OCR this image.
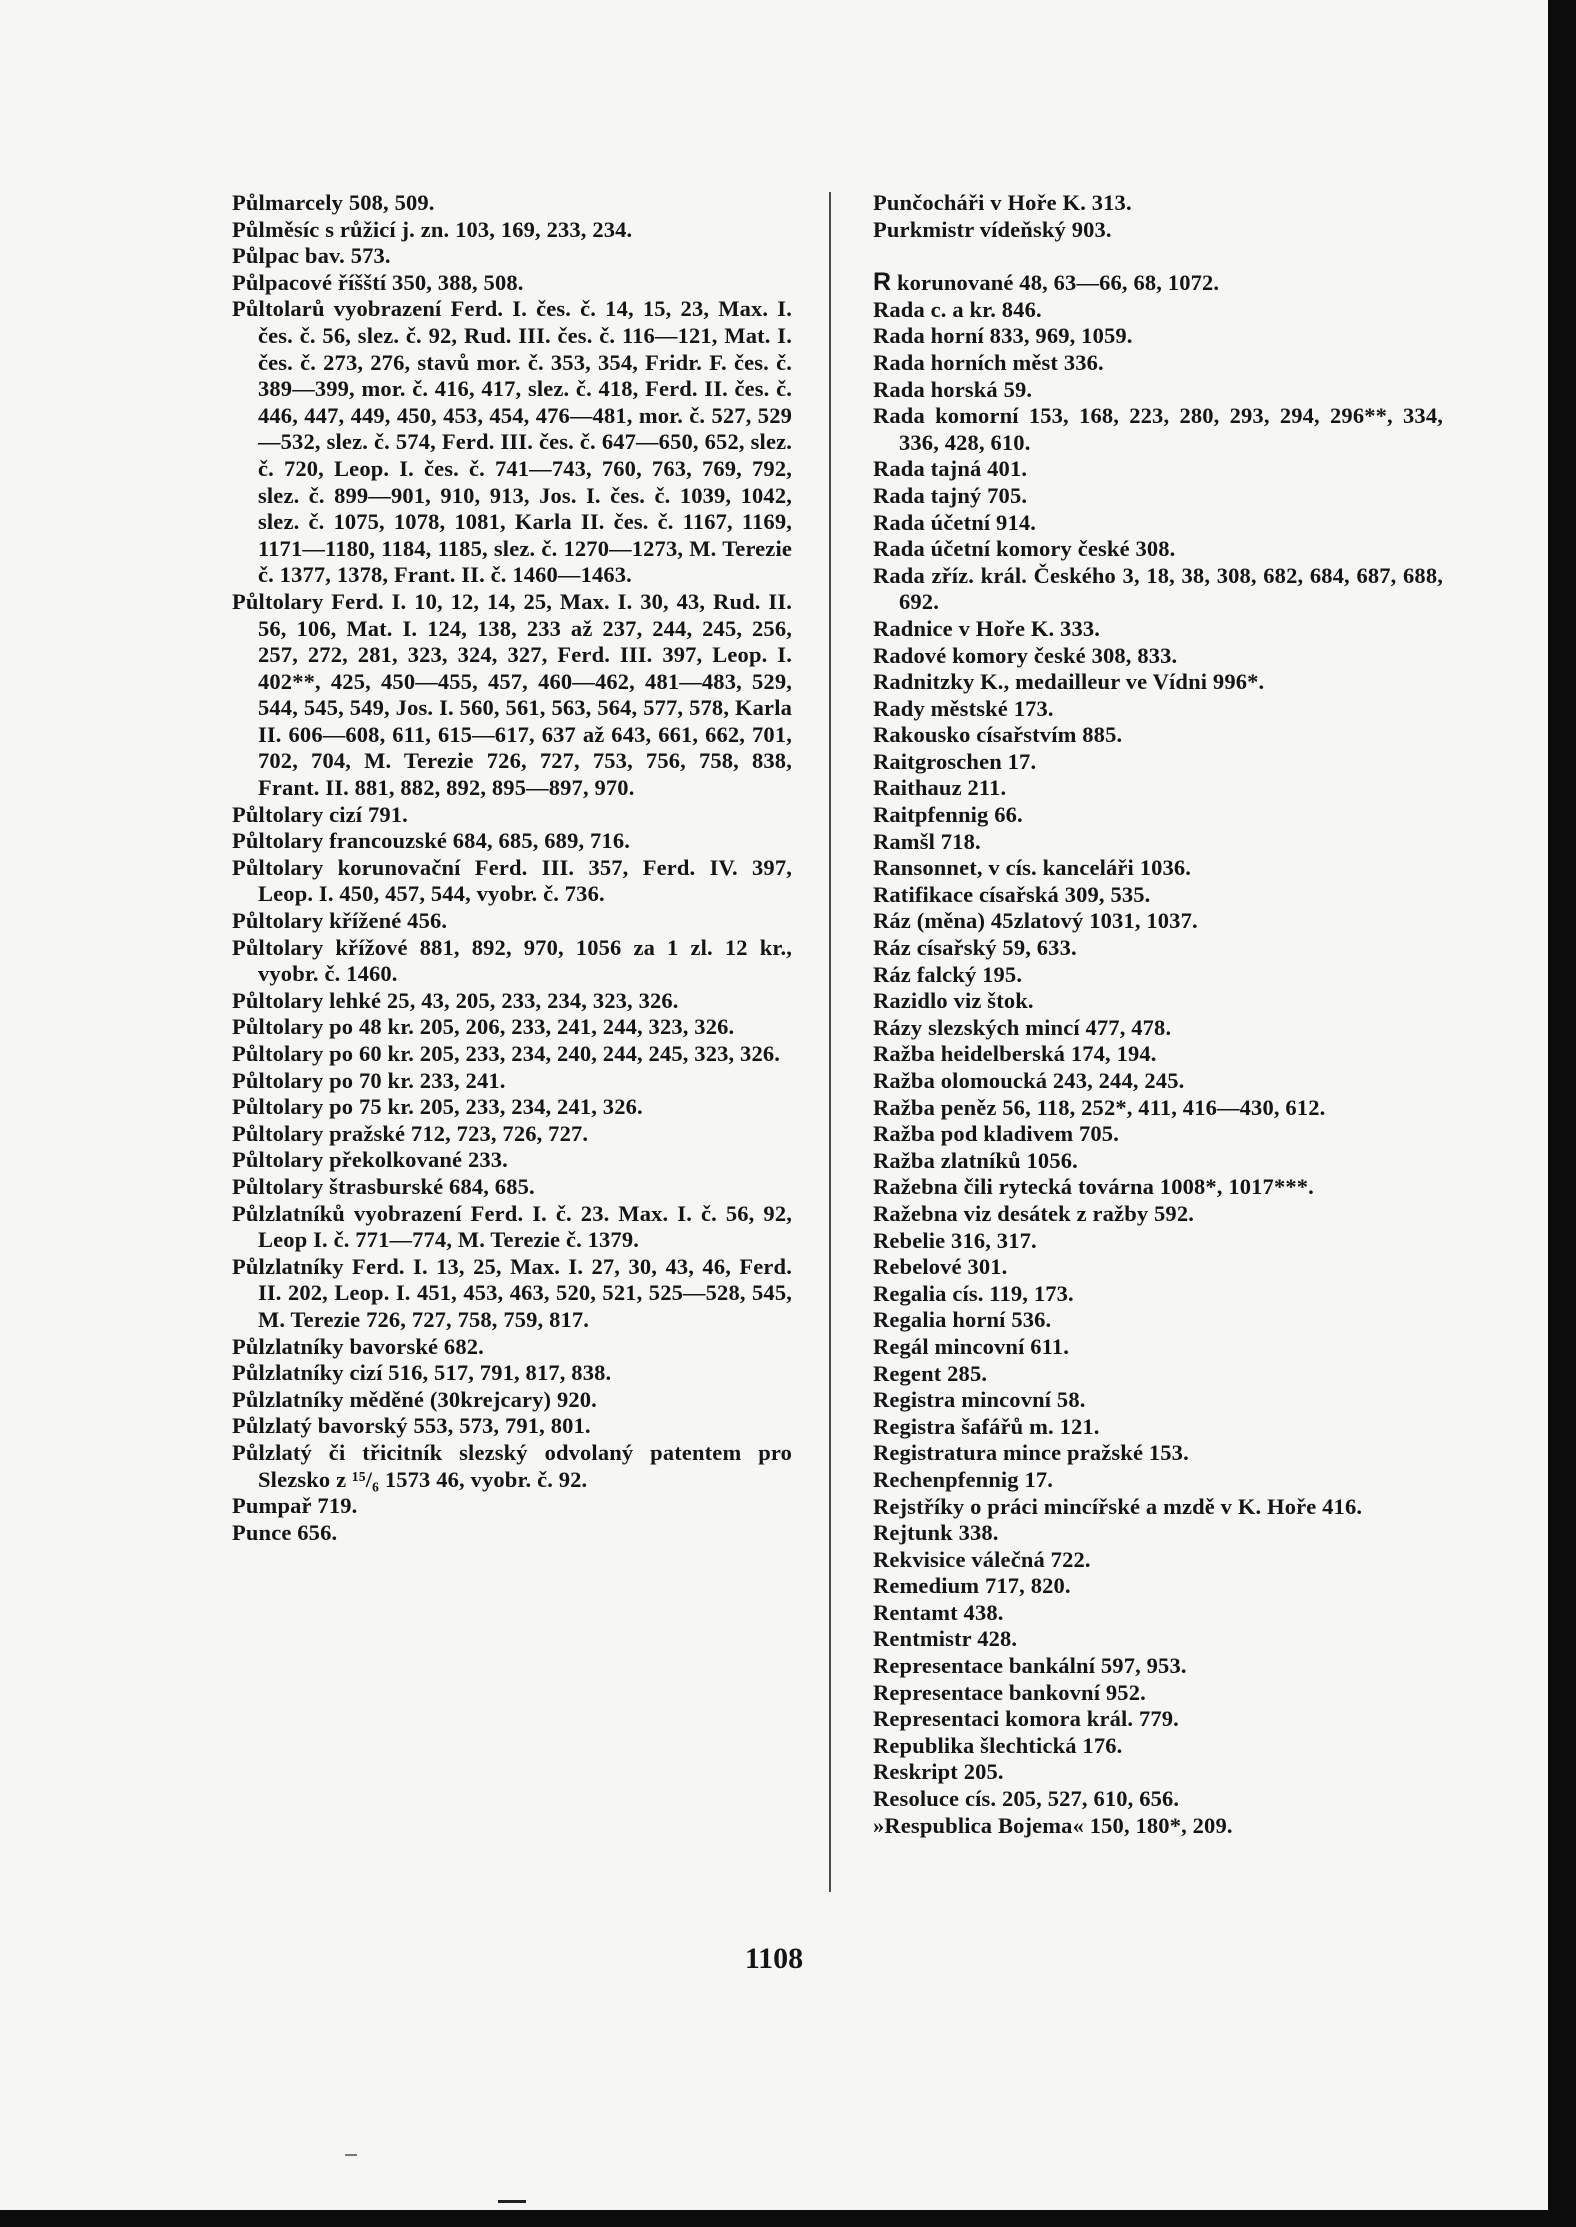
Půlmarcely 508, 509.

Půlměsíc s růžicí j. zn. 103, 169, 233, 234.

Půlpac bav. 573.

Půlpacové říšští 350, 388, 508.

Půltolarů vyobrazení Ferd. I. čes. č. 14, 15, 23, Max. I. čes. č. 56, slez. č. 92, Rud. III. čes. č. 116—121, Mat. I. čes. č. 273, 276, stavů mor. č. 353, 354, Fridr. F. čes. č. 389—399, mor. č. 416, 417, slez. č. 418, Ferd. II. čes. č. 446, 447, 449, 450, 453, 454, 476—481, mor. č. 527, 529—532, slez. č. 574, Ferd. III. čes. č. 647—650, 652, slez. č. 720, Leop. I. čes. č. 741—743, 760, 763, 769, 792, slez. č. 899—901, 910, 913, Jos. I. čes. č. 1039, 1042, slez. č. 1075, 1078, 1081, Karla II. čes. č. 1167, 1169, 1171—1180, 1184, 1185, slez. č. 1270—1273, M. Terezie č. 1377, 1378, Frant. II. č. 1460—1463.

Půltolary Ferd. I. 10, 12, 14, 25, Max. I. 30, 43, Rud. II. 56, 106, Mat. I. 124, 138, 233 až 237, 244, 245, 256, 257, 272, 281, 323, 324, 327, Ferd. III. 397, Leop. I. 402**, 425, 450—455, 457, 460—462, 481—483, 529, 544, 545, 549, Jos. I. 560, 561, 563, 564, 577, 578, Karla II. 606—608, 611, 615—617, 637 až 643, 661, 662, 701, 702, 704, M. Terezie 726, 727, 753, 756, 758, 838, Frant. II. 881, 882, 892, 895—897, 970.

Půltolary cizí 791.

Půltolary francouzské 684, 685, 689, 716.

Půltolary korunovační Ferd. III. 357, Ferd. IV. 397, Leop. I. 450, 457, 544, vyobr. č. 736.

Půltolary křížené 456.

Půltolary křížové 881, 892, 970, 1056 za 1 zl. 12 kr., vyobr. č. 1460.

Půltolary lehké 25, 43, 205, 233, 234, 323, 326.

Půltolary po 48 kr. 205, 206, 233, 241, 244, 323, 326.

Půltolary po 60 kr. 205, 233, 234, 240, 244, 245, 323, 326.

Půltolary po 70 kr. 233, 241.

Půltolary po 75 kr. 205, 233, 234, 241, 326.

Půltolary pražské 712, 723, 726, 727.

Půltolary překolkované 233.

Půltolary štrasburské 684, 685.

Půlzlatníků vyobrazení Ferd. I. č. 23. Max. I. č. 56, 92, Leop I. č. 771—774, M. Terezie č. 1379.

Půlzlatníky Ferd. I. 13, 25, Max. I. 27, 30, 43, 46, Ferd. II. 202, Leop. I. 451, 453, 463, 520, 521, 525—528, 545, M. Terezie 726, 727, 758, 759, 817.

Půlzlatníky bavorské 682.

Půlzlatníky cizí 516, 517, 791, 817, 838.

Půlzlatníky měděné (30krejcary) 920.

Půlzlatý bavorský 553, 573, 791, 801.

Půlzlatý či třicitník slezský odvolaný patentem pro Slezsko z ¹⁵/₆ 1573 46, vyobr. č. 92.

Pumpař 719.

Punce 656.

Punčocháři v Hoře K. 313.

Purkmistr vídeňský 903.

R korunované 48, 63—66, 68, 1072.

Rada c. a kr. 846.

Rada horní 833, 969, 1059.

Rada horních měst 336.

Rada horská 59.

Rada komorní 153, 168, 223, 280, 293, 294, 296**, 334, 336, 428, 610.

Rada tajná 401.

Rada tajný 705.

Rada účetní 914.

Rada účetní komory české 308.

Rada zříz. král. Českého 3, 18, 38, 308, 682, 684, 687, 688, 692.

Radnice v Hoře K. 333.

Radové komory české 308, 833.

Radnitzky K., medailleur ve Vídni 996*.

Rady městské 173.

Rakousko císařstvím 885.

Raitgroschen 17.

Raithauz 211.

Raitpfennig 66.

Ramšl 718.

Ransonnet, v cís. kanceláři 1036.

Ratifikace císařská 309, 535.

Ráz (měna) 45zlatový 1031, 1037.

Ráz císařský 59, 633.

Ráz falcký 195.

Razidlo viz štok.

Rázy slezských mincí 477, 478.

Ražba heidelberská 174, 194.

Ražba olomoucká 243, 244, 245.

Ražba peněz 56, 118, 252*, 411, 416—430, 612.

Ražba pod kladivem 705.

Ražba zlatníků 1056.

Ražebna čili rytecká továrna 1008*, 1017***.

Ražebna viz desátek z ražby 592.

Rebelie 316, 317.

Rebelové 301.

Regalia cís. 119, 173.

Regalia horní 536.

Regál mincovní 611.

Regent 285.

Registra mincovní 58.

Registra šafářů m. 121.

Registratura mince pražské 153.

Rechenpfennig 17.

Rejstříky o práci mincířské a mzdě v K. Hoře 416.

Rejtunk 338.

Rekvisice válečná 722.

Remedium 717, 820.

Rentamt 438.

Rentmistr 428.

Representace bankální 597, 953.

Representace bankovní 952.

Representaci komora král. 779.

Republika šlechtická 176.

Reskript 205.

Resoluce cís. 205, 527, 610, 656.

»Respublica Bojema« 150, 180*, 209.

1108
